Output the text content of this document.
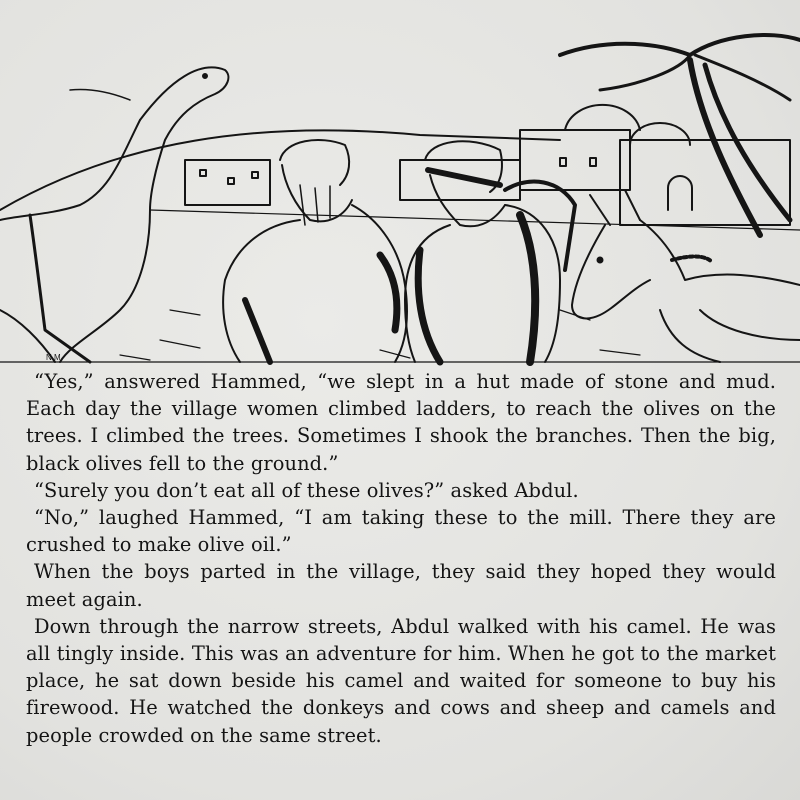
N.M

“Yes,” answered Hammed, “we slept in a hut made of stone and mud. Each day the village women climbed ladders, to reach the olives on the trees. I climbed the trees. Sometimes I shook the branches. Then the big, black olives fell to the ground.”

“Surely you don’t eat all of these olives?” asked Abdul.

“No,” laughed Hammed, “I am taking these to the mill. There they are crushed to make olive oil.”

When the boys parted in the village, they said they hoped they would meet again.

Down through the narrow streets, Abdul walked with his camel. He was all tingly inside. This was an adventure for him. When he got to the market place, he sat down beside his camel and waited for someone to buy his firewood. He watched the donkeys and cows and sheep and camels and people crowded on the same street.
